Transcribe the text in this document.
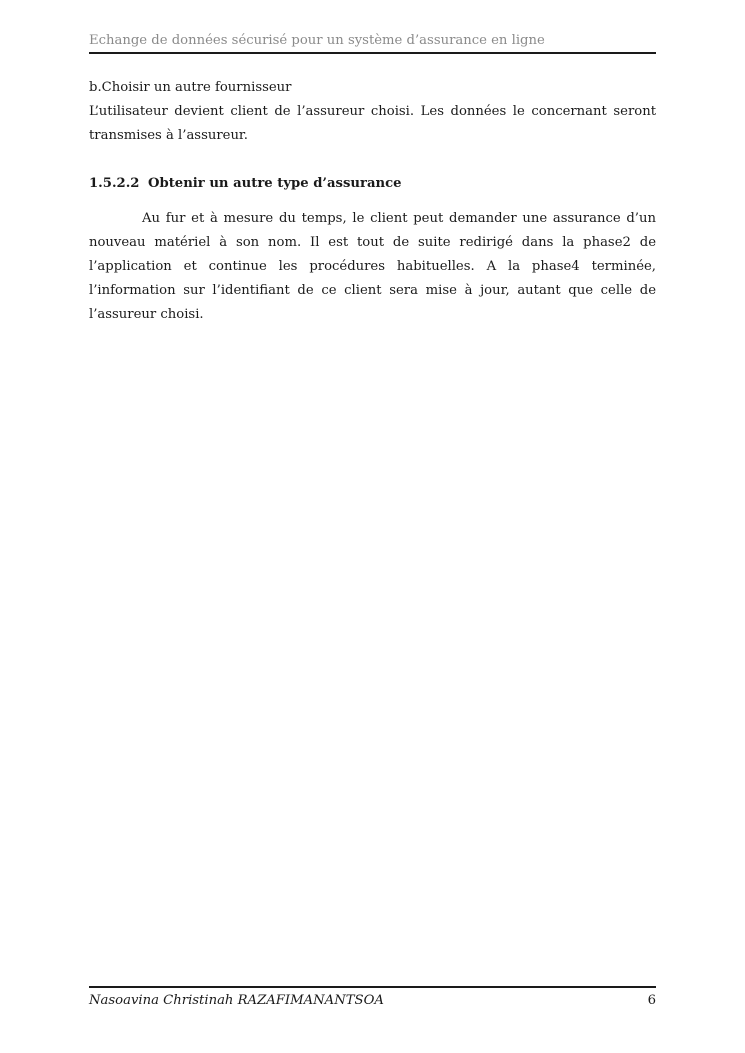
Echange de données sécurisé pour un système d’assurance en ligne
b.Choisir un autre fournisseur
L’utilisateur devient client de l’assureur choisi. Les données le concernant seront transmises à l’assureur.
1.5.2.2 Obtenir un autre type d’assurance
Au fur et à mesure du temps, le client peut demander une assurance d’un nouveau matériel à son nom. Il est tout de suite redirigé dans la phase2 de l’application et continue les procédures habituelles. A la phase4 terminée, l’information sur l’identifiant de ce client sera mise à jour, autant que celle de l’assureur choisi.
Nasoavina Christinah RAZAFIMANANTSOA	6
